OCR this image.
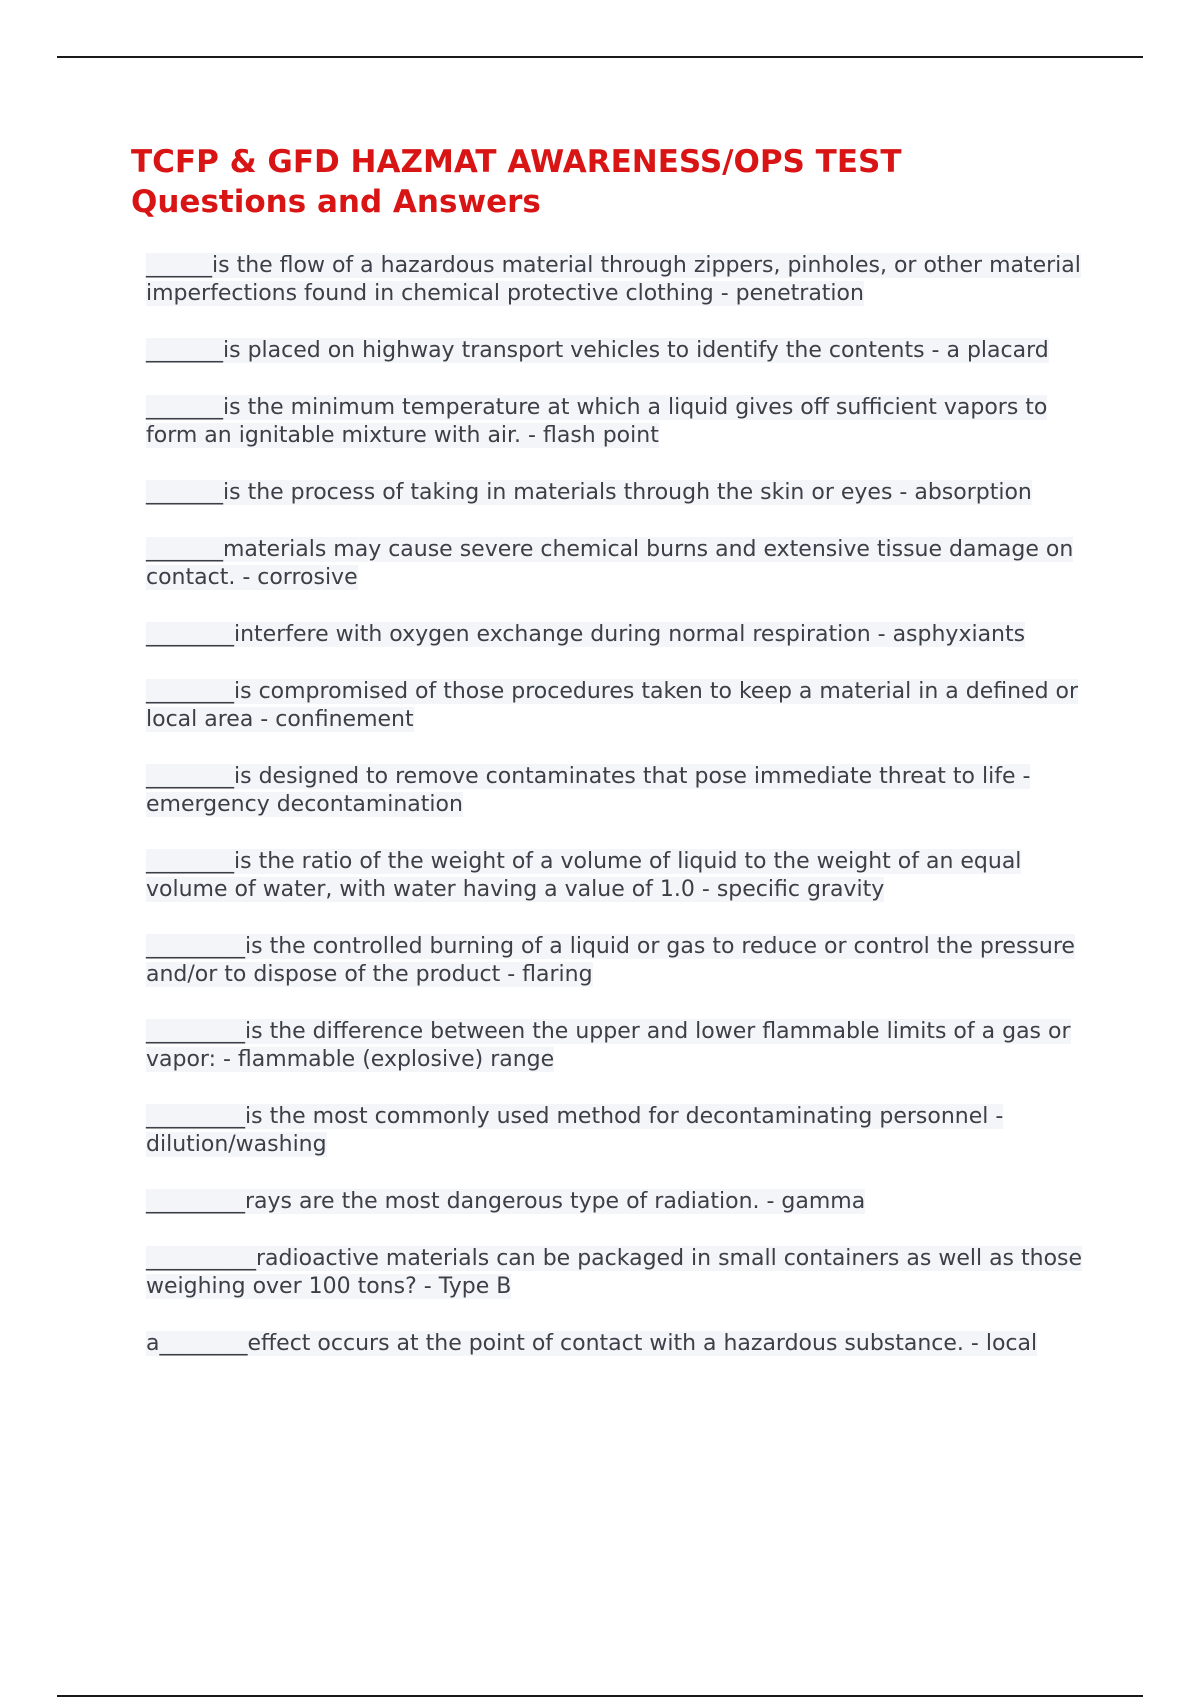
TCFP & GFD HAZMAT AWARENESS/OPS TEST
Questions and Answers
______is the flow of a hazardous material through zippers, pinholes, or other material imperfections found in chemical protective clothing - penetration
_______is placed on highway transport vehicles to identify the contents - a placard
_______is the minimum temperature at which a liquid gives off sufficient vapors to form an ignitable mixture with air. - flash point
_______is the process of taking in materials through the skin or eyes - absorption
_______materials may cause severe chemical burns and extensive tissue damage on contact. - corrosive
________interfere with oxygen exchange during normal respiration - asphyxiants
________is compromised of those procedures taken to keep a material in a defined or local area - confinement
________is designed to remove contaminates that pose immediate threat to life - emergency decontamination
________is the ratio of the weight of a volume of liquid to the weight of an equal volume of water, with water having a value of 1.0 - specific gravity
_________is the controlled burning of a liquid or gas to reduce or control the pressure and/or to dispose of the product - flaring
_________is the difference between the upper and lower flammable limits of a gas or vapor: - flammable (explosive) range
_________is the most commonly used method for decontaminating personnel - dilution/washing
_________rays are the most dangerous type of radiation. - gamma
__________radioactive materials can be packaged in small containers as well as those weighing over 100 tons? - Type B
a________effect occurs at the point of contact with a hazardous substance. - local
